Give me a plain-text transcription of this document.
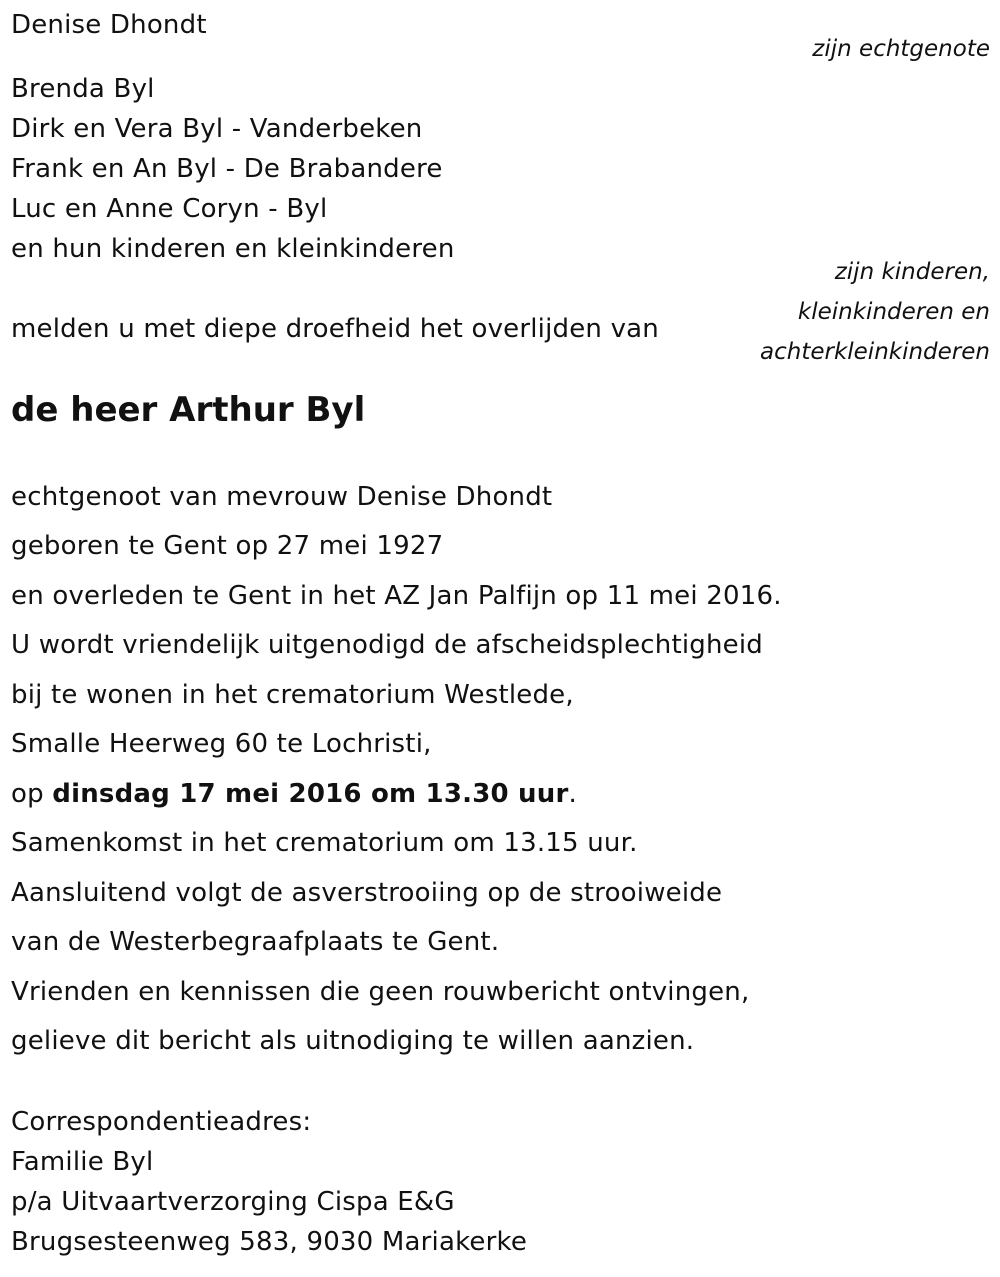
Denise Dhondt
zijn echtgenote
Brenda Byl
Dirk en Vera Byl - Vanderbeken
Frank en An Byl - De Brabandere
Luc en Anne Coryn - Byl
en hun kinderen en kleinkinderen
zijn kinderen,
kleinkinderen en
achterkleinkinderen
melden u met diepe droefheid het overlijden van
de heer Arthur Byl
echtgenoot van mevrouw Denise Dhondt
geboren te Gent op 27 mei 1927
en overleden te Gent in het AZ Jan Palfijn op 11 mei 2016.
U wordt vriendelijk uitgenodigd de afscheidsplechtigheid
bij te wonen in het crematorium Westlede,
Smalle Heerweg 60 te Lochristi,
op dinsdag 17 mei 2016 om 13.30 uur.
Samenkomst in het crematorium om 13.15 uur.
Aansluitend volgt de asverstrooiing op de strooiweide
van de Westerbegraafplaats te Gent.
Vrienden en kennissen die geen rouwbericht ontvingen,
gelieve dit bericht als uitnodiging te willen aanzien.
Correspondentieadres:
Familie Byl
p/a Uitvaartverzorging Cispa E&G
Brugsesteenweg 583, 9030 Mariakerke
